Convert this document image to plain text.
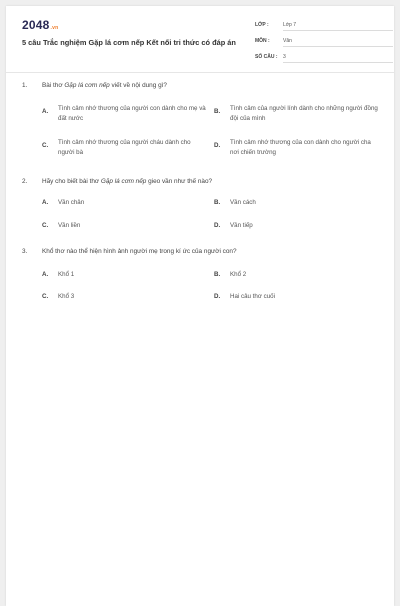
2048.vn
5 câu Trắc nghiệm Gặp lá cơm nếp Kết nối tri thức có đáp án
LỚP :	Lớp 7
MÔN :	Văn
SỐ CÂU : 3
1. Bài thơ Gặp lá cơm nếp viết về nội dung gì?
A. Tình cảm nhớ thương của người con dành cho mẹ và đất nước
B. Tình cảm của người lính dành cho những người đồng đội của mình
C. Tình cảm nhớ thương của người cháu dành cho người bà
D. Tình cảm nhớ thương của con dành cho người cha nơi chiến trường
2. Hãy cho biết bài thơ Gặp lá cơm nếp gieo vần như thế nào?
A. Vần chân	B. Vần cách
C. Vần liền	D. Vần tiếp
3. Khổ thơ nào thể hiện hình ảnh người mẹ trong kí ức của người con?
A. Khổ 1	B. Khổ 2
C. Khổ 3	D. Hai câu thơ cuối
